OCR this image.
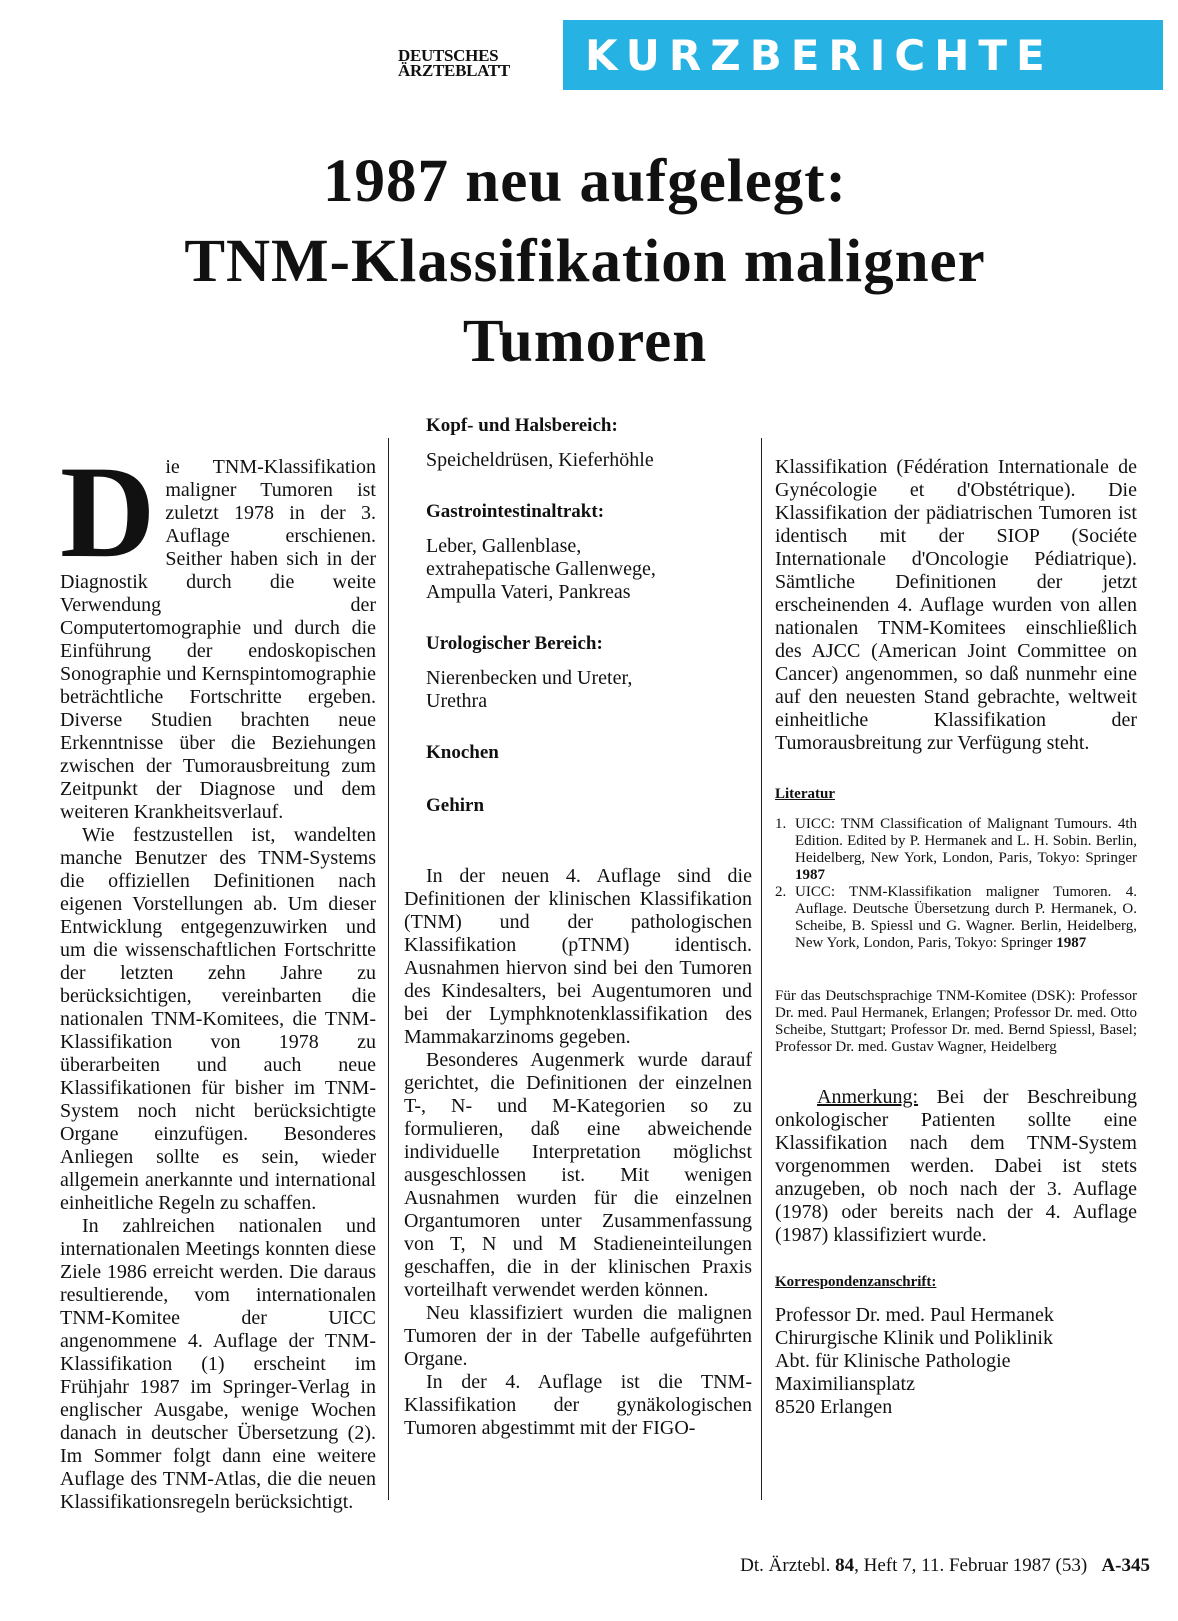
DEUTSCHES
ÄRZTEBLATT	KURZBERICHTE
1987 neu aufgelegt:
TNM-Klassifikation maligner
Tumoren

Die TNM-Klassifikation maligner Tumoren ist zuletzt 1978 in der 3. Auflage erschienen. Seither haben sich in der Diagnostik durch die weite Verwendung der Computertomographie und durch die Einführung der endoskopischen Sonographie und Kernspintomographie beträchtliche Fortschritte ergeben. Diverse Studien brachten neue Erkenntnisse über die Beziehungen zwischen der Tumorausbreitung zum Zeitpunkt der Diagnose und dem weiteren Krankheitsverlauf.

Wie festzustellen ist, wandelten manche Benutzer des TNM-Systems die offiziellen Definitionen nach eigenen Vorstellungen ab. Um dieser Entwicklung entgegenzuwirken und um die wissenschaftlichen Fortschritte der letzten zehn Jahre zu berücksichtigen, vereinbarten die nationalen TNM-Komitees, die TNM-Klassifikation von 1978 zu überarbeiten und auch neue Klassifikationen für bisher im TNM-System noch nicht berücksichtigte Organe einzufügen. Besonderes Anliegen sollte es sein, wieder allgemein anerkannte und international einheitliche Regeln zu schaffen.

In zahlreichen nationalen und internationalen Meetings konnten diese Ziele 1986 erreicht werden. Die daraus resultierende, vom internationalen TNM-Komitee der UICC angenommene 4. Auflage der TNM-Klassifikation (1) erscheint im Frühjahr 1987 im Springer-Verlag in englischer Ausgabe, wenige Wochen danach in deutscher Übersetzung (2). Im Sommer folgt dann eine weitere Auflage des TNM-Atlas, die die neuen Klassifikationsregeln berücksichtigt.

Kopf- und Halsbereich:
Speicheldrüsen, Kieferhöhle
Gastrointestinaltrakt:
Leber, Gallenblase, extrahepatische Gallenwege, Ampulla Vateri, Pankreas
Urologischer Bereich:
Nierenbecken und Ureter, Urethra
Knochen
Gehirn

In der neuen 4. Auflage sind die Definitionen der klinischen Klassifikation (TNM) und der pathologischen Klassifikation (pTNM) identisch. Ausnahmen hiervon sind bei den Tumoren des Kindesalters, bei Augentumoren und bei der Lymphknotenklassifikation des Mammakarzinoms gegeben.

Besonderes Augenmerk wurde darauf gerichtet, die Definitionen der einzelnen T-, N- und M-Kategorien so zu formulieren, daß eine abweichende individuelle Interpretation möglichst ausgeschlossen ist. Mit wenigen Ausnahmen wurden für die einzelnen Organtumoren unter Zusammenfassung von T, N und M Stadieneinteilungen geschaffen, die in der klinischen Praxis vorteilhaft verwendet werden können.

Neu klassifiziert wurden die malignen Tumoren der in der Tabelle aufgeführten Organe.

In der 4. Auflage ist die TNM-Klassifikation der gynäkologischen Tumoren abgestimmt mit der FIGO-

Klassifikation (Fédération Internationale de Gynécologie et d'Obstétrique). Die Klassifikation der pädiatrischen Tumoren ist identisch mit der SIOP (Sociéte Internationale d'Oncologie Pédiatrique). Sämtliche Definitionen der jetzt erscheinenden 4. Auflage wurden von allen nationalen TNM-Komitees einschließlich des AJCC (American Joint Committee on Cancer) angenommen, so daß nunmehr eine auf den neuesten Stand gebrachte, weltweit einheitliche Klassifikation der Tumorausbreitung zur Verfügung steht.

Literatur
1. UICC: TNM Classification of Malignant Tumours. 4th Edition. Edited by P. Hermanek and L. H. Sobin. Berlin, Heidelberg, New York, London, Paris, Tokyo: Springer 1987
2. UICC: TNM-Klassifikation maligner Tumoren. 4. Auflage. Deutsche Übersetzung durch P. Hermanek, O. Scheibe, B. Spiessl und G. Wagner. Berlin, Heidelberg, New York, London, Paris, Tokyo: Springer 1987
Für das Deutschsprachige TNM-Komitee (DSK): Professor Dr. med. Paul Hermanek, Erlangen; Professor Dr. med. Otto Scheibe, Stuttgart; Professor Dr. med. Bernd Spiessl, Basel; Professor Dr. med. Gustav Wagner, Heidelberg
Anmerkung: Bei der Beschreibung onkologischer Patienten sollte eine Klassifikation nach dem TNM-System vorgenommen werden. Dabei ist stets anzugeben, ob noch nach der 3. Auflage (1978) oder bereits nach der 4. Auflage (1987) klassifiziert wurde.
Korrespondenzanschrift:
Professor Dr. med. Paul Hermanek
Chirurgische Klinik und Poliklinik
Abt. für Klinische Pathologie
Maximiliansplatz
8520 Erlangen
Dt. Ärztebl. 84, Heft 7, 11. Februar 1987 (53) A-345
